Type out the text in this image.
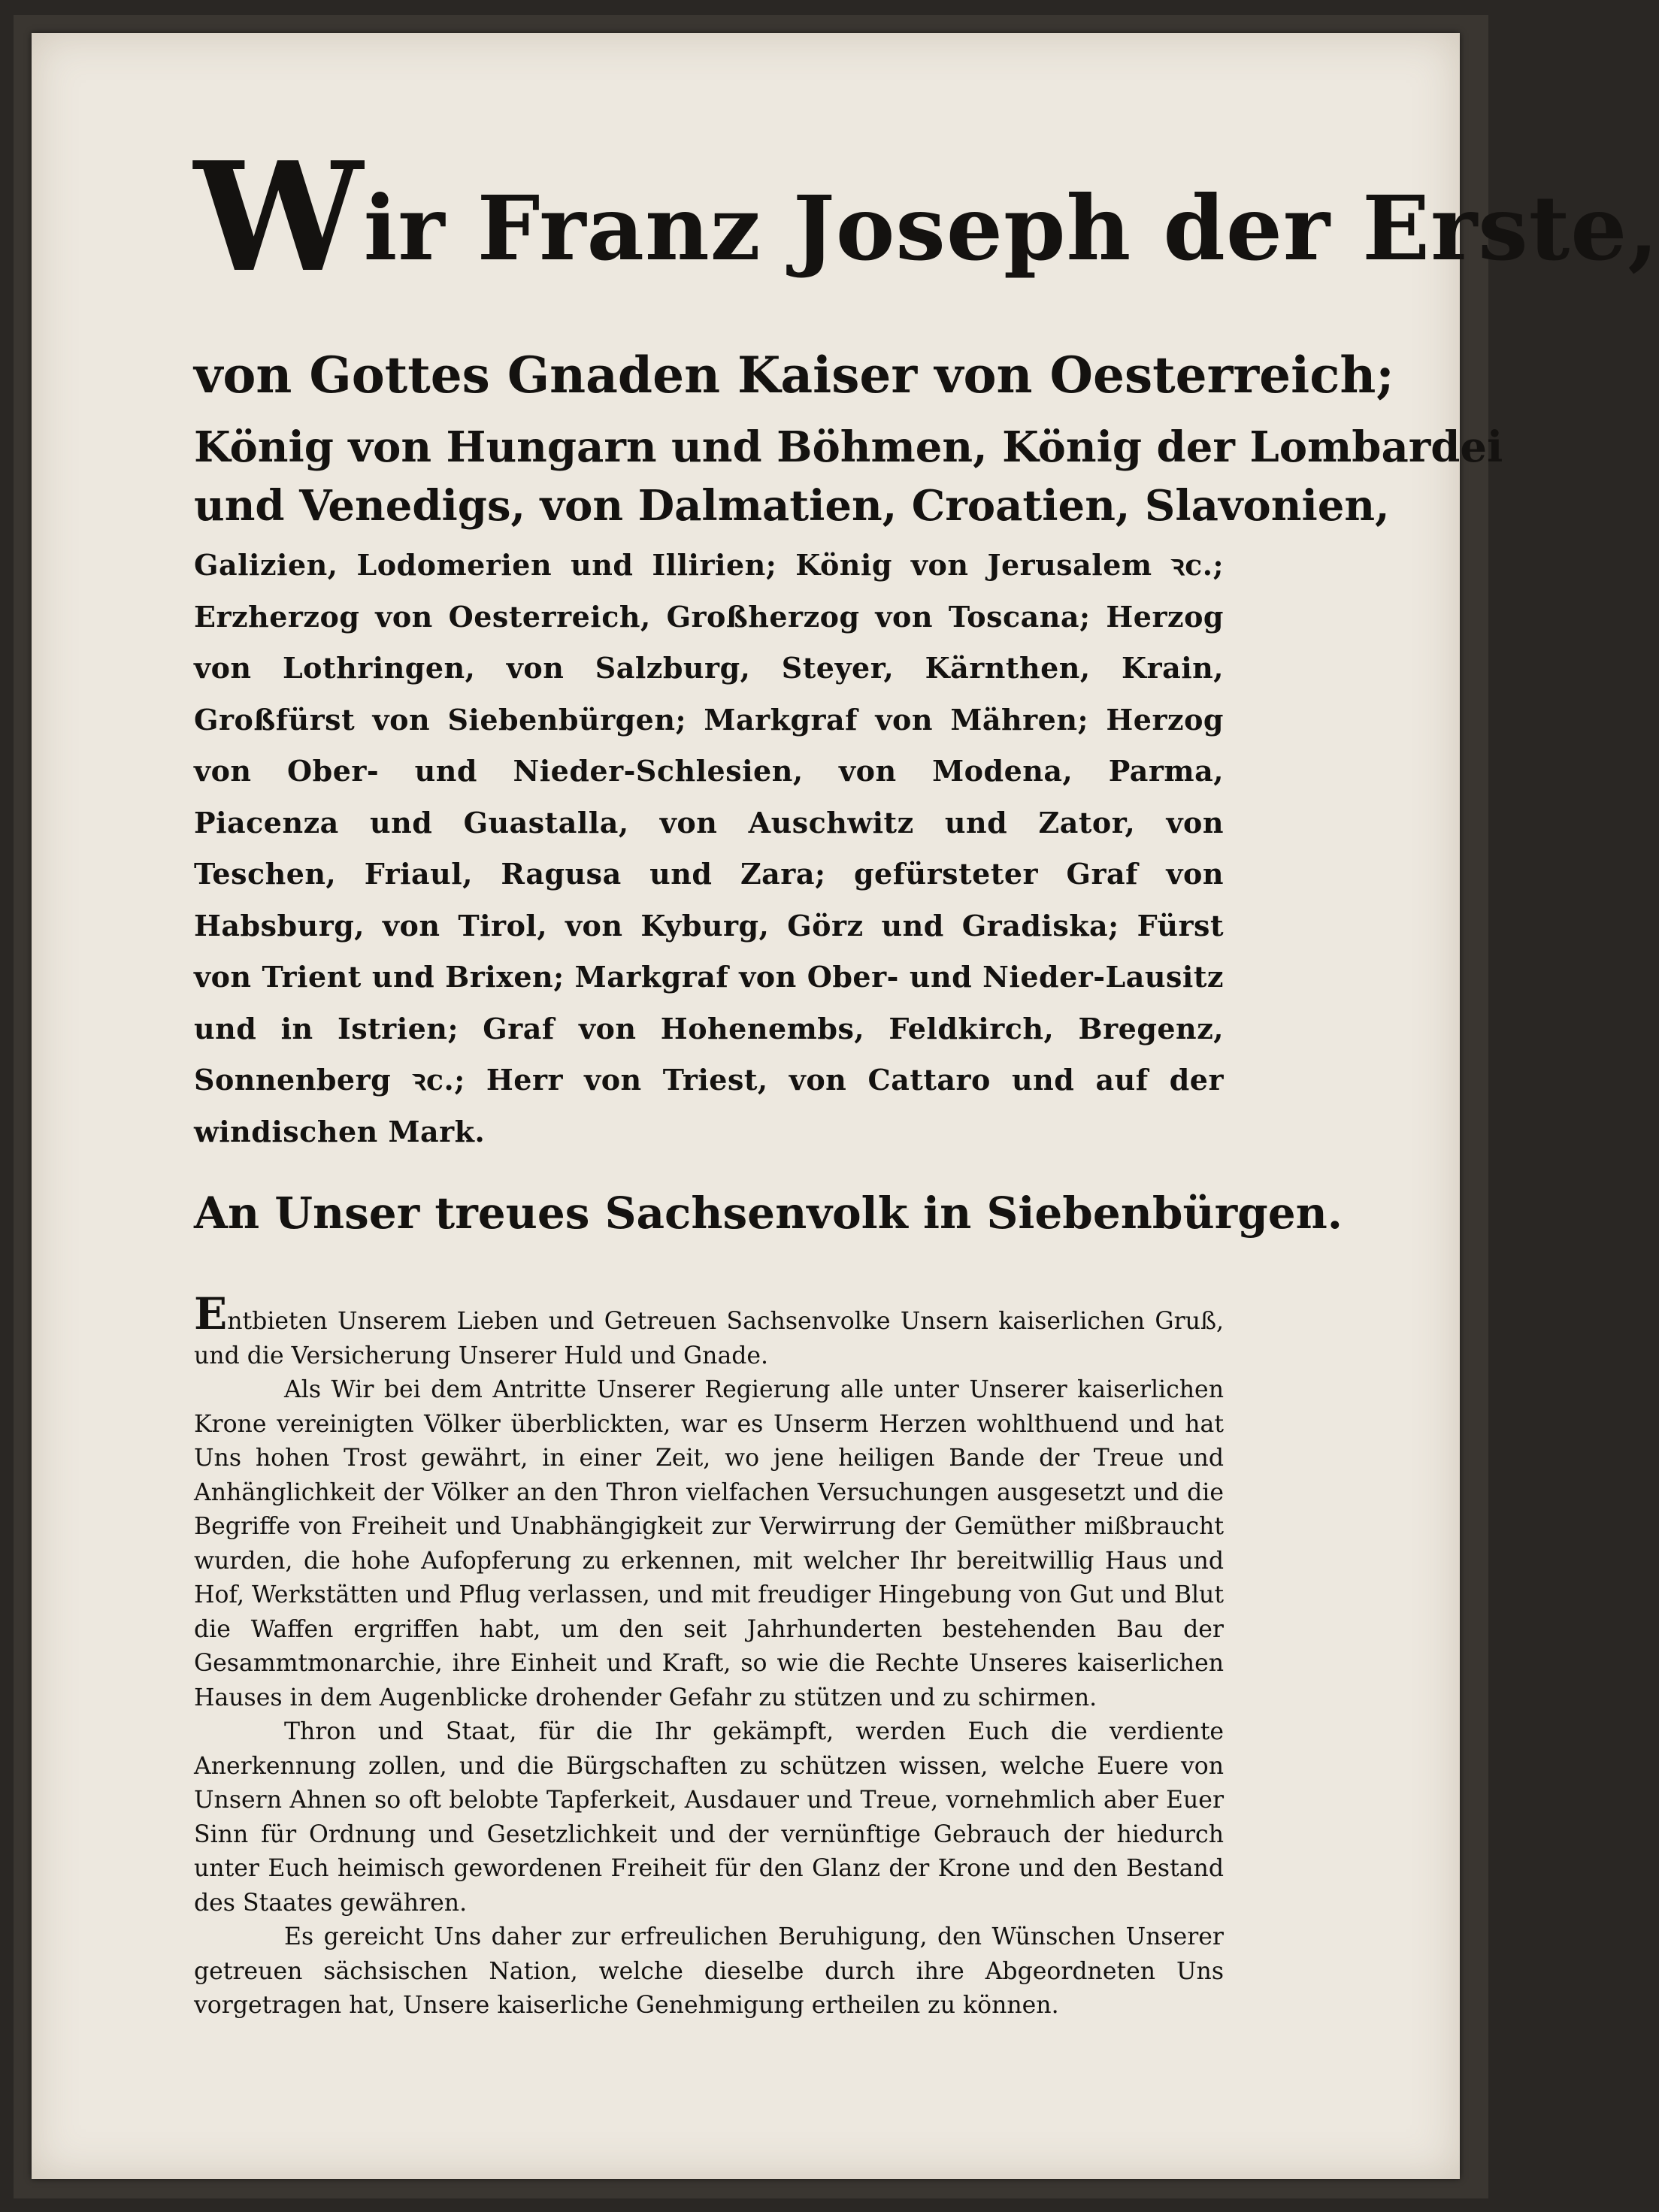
Wir Franz Joseph der Erste,
von Gottes Gnaden Kaiser von Oesterreich;
König von Hungarn und Böhmen, König der Lombardei
und Venedigs, von Dalmatien, Croatien, Slavonien,
Galizien, Lodomerien und Illirien; König von Jerusalem ꝛc.; Erzherzog von Oesterreich, Großherzog von Toscana; Herzog von Lothringen, von Salzburg, Steyer, Kärnthen, Krain, Großfürst von Siebenbürgen; Markgraf von Mähren; Herzog von Ober- und Nieder-Schlesien, von Modena, Parma, Piacenza und Guastalla, von Auschwitz und Zator, von Teschen, Friaul, Ragusa und Zara; gefürsteter Graf von Habsburg, von Tirol, von Kyburg, Görz und Gradiska; Fürst von Trient und Brixen; Markgraf von Ober- und Nieder-Lausitz und in Istrien; Graf von Hohenembs, Feldkirch, Bregenz, Sonnenberg ꝛc.; Herr von Triest, von Cattaro und auf der windischen Mark.
An Unser treues Sachsenvolk in Siebenbürgen.

Entbieten Unserem Lieben und Getreuen Sachsenvolke Unsern kaiserlichen Gruß, und die Versicherung Unserer Huld und Gnade.

Als Wir bei dem Antritte Unserer Regierung alle unter Unserer kaiserlichen Krone vereinigten Völker überblickten, war es Unserm Herzen wohlthuend und hat Uns hohen Trost gewährt, in einer Zeit, wo jene heiligen Bande der Treue und Anhänglichkeit der Völker an den Thron vielfachen Versuchungen ausgesetzt und die Begriffe von Freiheit und Unabhängigkeit zur Verwirrung der Gemüther mißbraucht wurden, die hohe Aufopferung zu erkennen, mit welcher Ihr bereitwillig Haus und Hof, Werkstätten und Pflug verlassen, und mit freudiger Hingebung von Gut und Blut die Waffen ergriffen habt, um den seit Jahrhunderten bestehenden Bau der Gesammtmonarchie, ihre Einheit und Kraft, so wie die Rechte Unseres kaiserlichen Hauses in dem Augenblicke drohender Gefahr zu stützen und zu schirmen.

Thron und Staat, für die Ihr gekämpft, werden Euch die verdiente Anerkennung zollen, und die Bürgschaften zu schützen wissen, welche Euere von Unsern Ahnen so oft belobte Tapferkeit, Ausdauer und Treue, vornehmlich aber Euer Sinn für Ordnung und Gesetzlichkeit und der vernünftige Gebrauch der hiedurch unter Euch heimisch gewordenen Freiheit für den Glanz der Krone und den Bestand des Staates gewähren.

Es gereicht Uns daher zur erfreulichen Beruhigung, den Wünschen Unserer getreuen sächsischen Nation, welche dieselbe durch ihre Abgeordneten Uns vorgetragen hat, Unsere kaiserliche Genehmigung ertheilen zu können.
